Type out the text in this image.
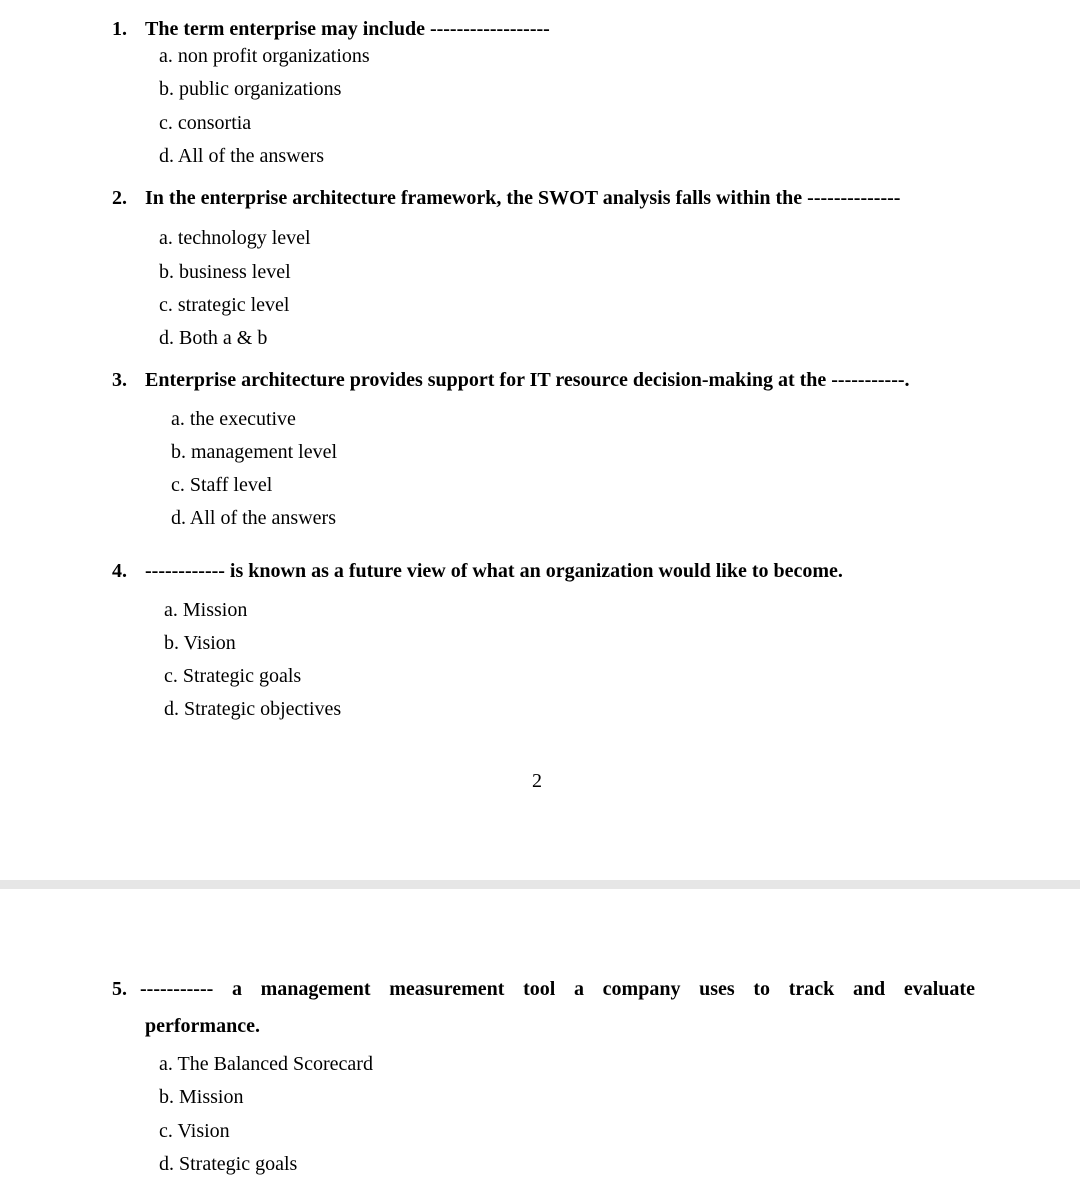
1. The term enterprise may include ------------------
a. non profit organizations
b. public organizations
c. consortia
d. All of the answers
2. In the enterprise architecture framework, the SWOT analysis falls within the --------------
a. technology level
b. business level
c. strategic level
d. Both a & b
3. Enterprise architecture provides support for IT resource decision-making at the -----------.
a. the executive
b. management level
c. Staff level
d. All of the answers
4. ------------ is known as a future view of what an organization would like to become.
a. Mission
b. Vision
c. Strategic goals
d. Strategic objectives
2
5. ----------- a management measurement tool a company uses to track and evaluate
performance.
a. The Balanced Scorecard
b. Mission
c. Vision
d. Strategic goals
